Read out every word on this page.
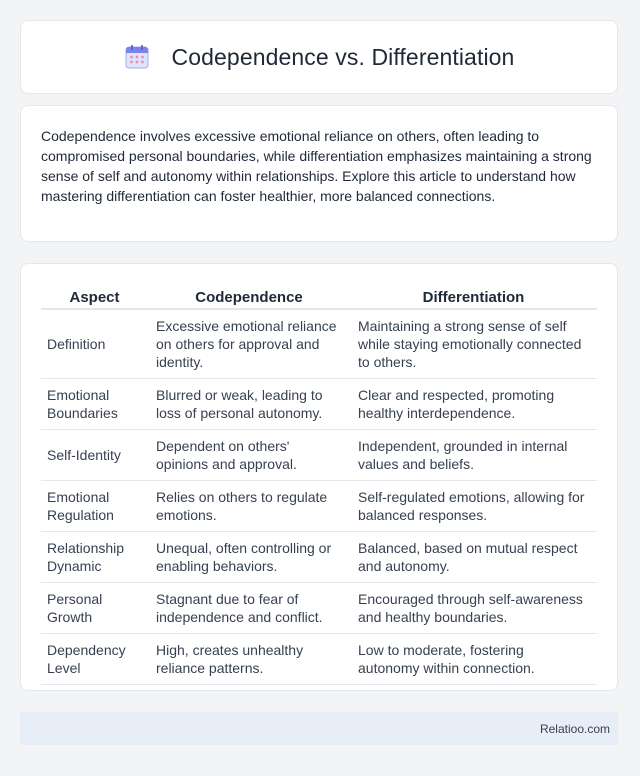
Codependence vs. Differentiation

Codependence involves excessive emotional reliance on others, often leading to compromised personal boundaries, while differentiation emphasizes maintaining a strong sense of self and autonomy within relationships. Explore this article to understand how mastering differentiation can foster healthier, more balanced connections.

Aspect	Codependence	Differentiation
Definition	Excessive emotional reliance on others for approval and identity.	Maintaining a strong sense of self while staying emotionally connected to others.
Emotional Boundaries	Blurred or weak, leading to loss of personal autonomy.	Clear and respected, promoting healthy interdependence.
Self-Identity	Dependent on others' opinions and approval.	Independent, grounded in internal values and beliefs.
Emotional Regulation	Relies on others to regulate emotions.	Self-regulated emotions, allowing for balanced responses.
Relationship Dynamic	Unequal, often controlling or enabling behaviors.	Balanced, based on mutual respect and autonomy.
Personal Growth	Stagnant due to fear of independence and conflict.	Encouraged through self-awareness and healthy boundaries.
Dependency Level	High, creates unhealthy reliance patterns.	Low to moderate, fostering autonomy within connection.
Relatioo.com
